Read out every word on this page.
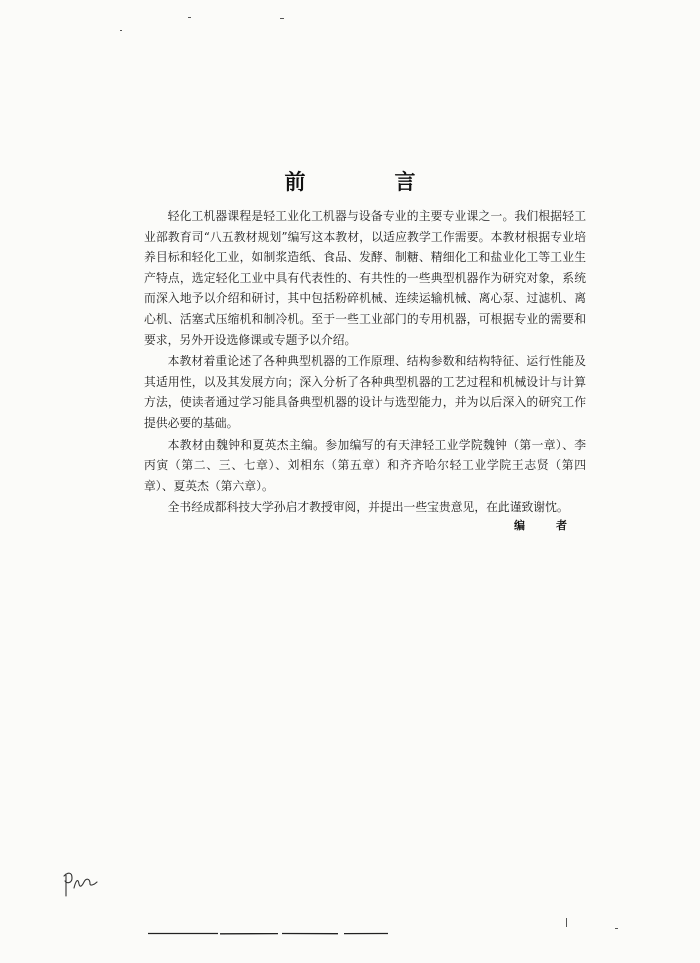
前　言

轻化工机器课程是轻工业化工机器与设备专业的主要专业课之一。我们根据轻工业部教育司“八五教材规划”编写这本教材，以适应教学工作需要。本教材根据专业培养目标和轻化工业，如制浆造纸、食品、发酵、制糖、精细化工和盐业化工等工业生产特点，选定轻化工业中具有代表性的、有共性的一些典型机器作为研究对象，系统而深入地予以介绍和研讨，其中包括粉碎机械、连续运输机械、离心泵、过滤机、离心机、活塞式压缩机和制冷机。至于一些工业部门的专用机器，可根据专业的需要和要求，另外开设选修课或专题予以介绍。

本教材着重论述了各种典型机器的工作原理、结构参数和结构特征、运行性能及其适用性，以及其发展方向；深入分析了各种典型机器的工艺过程和机械设计与计算方法，使读者通过学习能具备典型机器的设计与选型能力，并为以后深入的研究工作提供必要的基础。

本教材由魏钟和夏英杰主编。参加编写的有天津轻工业学院魏钟（第一章）、李丙寅（第二、三、七章）、刘相东（第五章）和齐齐哈尔轻工业学院王志贤（第四章）、夏英杰（第六章）。

全书经成都科技大学孙启才教授审阅，并提出一些宝贵意见，在此谨致谢忱。

编　者
